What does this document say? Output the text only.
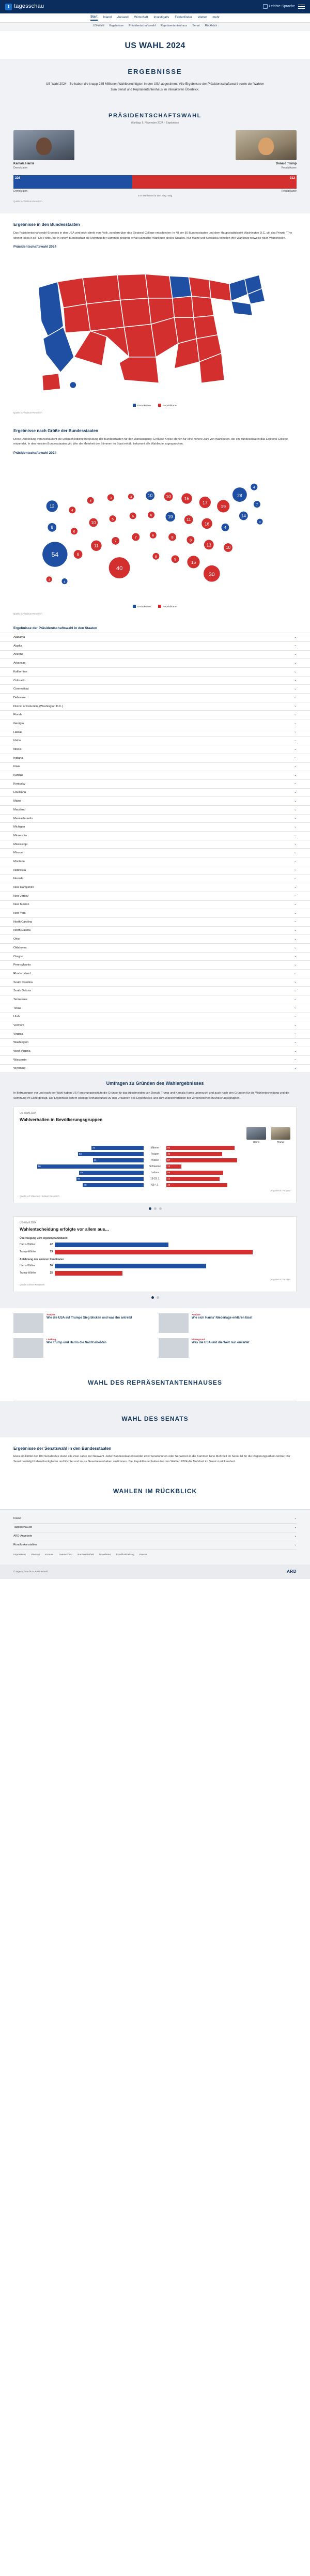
t tagesschau	Leichte Sprache
Start Inland Ausland Wirtschaft Investigativ Faktenfinder Wetter mehr
US-Wahl Ergebnisse Präsidentschaftswahl Repräsentantenhaus Senat Rückblick
US WAHL 2024
ERGEBNISSE

US-Wahl 2024 - So haben die knapp 245 Millionen Wahlberechtigten in den USA abgestimmt: Alle Ergebnisse der Präsidentschaftswahl sowie der Wahlen zum Senat und Repräsentantenhaus im interaktiven Überblick.

PRÄSIDENTSCHAFTSWAHL
Wahltag: 5. November 2024 – Ergebnisse
Kamala Harris
Demokraten
Donald Trump
Republikaner
226	312
Demokraten	Republikaner
270 Wahlleute für den Sieg nötig
Quelle: AP/Edison-Research
Ergebnisse in den Bundesstaaten

Das Präsidentschaftswahl-Ergebnis in den USA wird nicht direkt vom Volk, sondern über das Electoral College entschieden: In 48 der 50 Bundesstaaten und dem Hauptstadtdistrikt Washington D.C. gilt das Prinzip "The winner takes it all": Die Partei, die in einem Bundesstaat die Mehrheit der Stimmen gewinnt, erhält sämtliche Wahlleute dieses Staates. Nur Maine und Nebraska verteilen ihre Wahlleute teilweise nach Wahlkreisen.

Präsidentschaftswahl 2024
Demokraten	Republikaner
Quelle: AP/Edison-Research
Ergebnisse nach Größe der Bundesstaaten

Diese Darstellung veranschaulicht die unterschiedliche Bedeutung der Bundesstaaten für den Wahlausgang: Größere Kreise stehen für eine höhere Zahl von Wahlleuten, die ein Bundesstaat in das Electoral College entsendet. In den meisten Bundesstaaten gilt: Wer die Mehrheit der Stimmen im Staat erhält, bekommt alle Wahlleute zugesprochen.

Präsidentschaftswahl 2024
12
8
54
4
6
6
4
10
11
3
5
7
40
3
6
7
10
6
6
8
10
19
8
9
15
11
8
16
17
16
13
30
19
4
10
28
14
4
7
3
3
4
Demokraten	Republikaner
Quelle: AP/Edison-Research
Ergebnisse der Präsidentschaftswahl in den Staaten
Alabama	⌄
Alaska	⌄
Arizona	⌄
Arkansas	⌄
Kalifornien	⌄
Colorado	⌄
Connecticut	⌄
Delaware	⌄
District of Columbia (Washington D.C.)	⌄
Florida	⌄
Georgia	⌄
Hawaii	⌄
Idaho	⌄
Illinois	⌄
Indiana	⌄
Iowa	⌄
Kansas	⌄
Kentucky	⌄
Louisiana	⌄
Maine	⌄
Maryland	⌄
Massachusetts	⌄
Michigan	⌄
Minnesota	⌄
Mississippi	⌄
Missouri	⌄
Montana	⌄
Nebraska	⌄
Nevada	⌄
New Hampshire	⌄
New Jersey	⌄
New Mexico	⌄
New York	⌄
North Carolina	⌄
North Dakota	⌄
Ohio	⌄
Oklahoma	⌄
Oregon	⌄
Pennsylvania	⌄
Rhode Island	⌄
South Carolina	⌄
South Dakota	⌄
Tennessee	⌄
Texas	⌄
Utah	⌄
Vermont	⌄
Virginia	⌄
Washington	⌄
West Virginia	⌄
Wisconsin	⌄
Wyoming	⌄
Umfragen zu Gründen des Wahlergebnisses

In Befragungen vor und nach der Wahl haben US-Forschungsinstitute die Gründe für das Abschneiden von Donald Trump und Kamala Harris untersucht und auch nach den Gründen für die Wahlentscheidung und die Stimmung im Land gefragt. Die Ergebnisse liefern wichtige Anhaltspunkte zu den Ursachen des Ergebnisses und zum Wählerverhalten der verschiedenen Bevölkerungsgruppen.

US-Wahl 2024
Wahlverhalten in Bevölkerungsgruppen
Harris	Trump
42	Männer	55
53	Frauen	45
41	Weiße	57
86	Schwarze	12
52	Latinos	46
54	18-29 J.	43
49	65+ J.	49
Angaben in Prozent
Quelle: AP VoteCast / Edison Research
US-Wahl 2024
Wahlentscheidung erfolgte vor allem aus...
Überzeugung vom eigenen Kandidaten
Harris-Wähler	42
Trump-Wähler	73
Ablehnung des anderen Kandidaten
Harris-Wähler	56
Trump-Wähler	25
Angaben in Prozent
Quelle: Edison Research
Analyse
Wie die USA auf Trumps Sieg blicken und was ihn antreibt
Analyse
Wie sich Harris' Niederlage erklären lässt
Liveblog
Wie Trump und Harris die Nacht erlebten
Hintergrund
Was die USA und die Welt nun erwartet
WAHL DES REPRÄSENTANTENHAUSES
WAHL DES SENATS
Ergebnisse der Senatswahl in den Bundesstaaten

Etwa ein Drittel der 100 Senatssitze stand alle zwei Jahre zur Neuwahl. Jeder Bundesstaat entsendet zwei Senatorinnen oder Senatoren in die Kammer. Eine Mehrheit im Senat ist für die Regierungsarbeit zentral: Der Senat bestätigt Kabinettsmitglieder und Richter und muss Gesetzesvorhaben zustimmen. Die Republikaner haben bei den Wahlen 2024 die Mehrheit im Senat zurückerobert.

WAHLEN IM RÜCKBLICK
Inland	⌄
Tagesschau.de	⌄
ARD-Angebote	⌄
Rundfunkanstalten	⌄
Impressum Sitemap Kontakt Datenschutz Barrierefreiheit Newsletter Rundfunkbeitrag Presse
© tagesschau.de — ARD-aktuell	ARD
